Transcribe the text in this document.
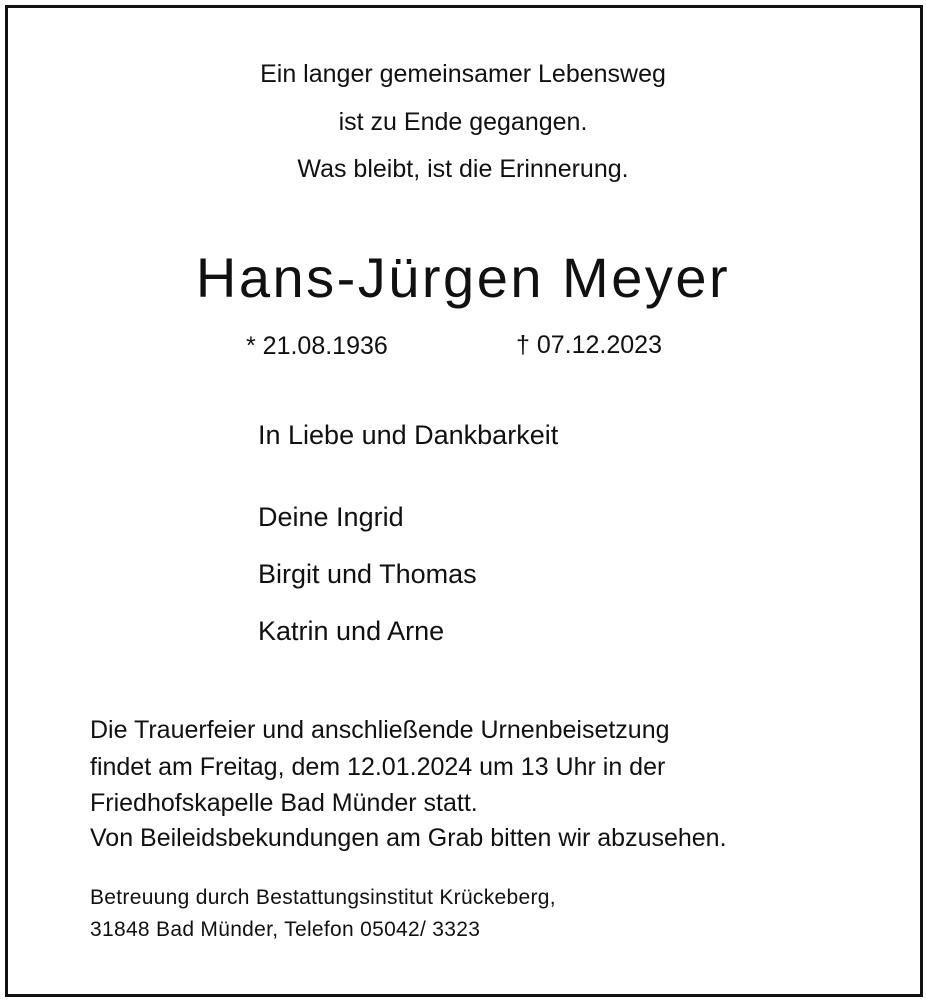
Ein langer gemeinsamer Lebensweg
ist zu Ende gegangen.
Was bleibt, ist die Erinnerung.
Hans-Jürgen Meyer
* 21.08.1936	† 07.12.2023
In Liebe und Dankbarkeit
Deine Ingrid
Birgit und Thomas
Katrin und Arne
Die Trauerfeier und anschließende Urnenbeisetzung
findet am Freitag, dem 12.01.2024 um 13 Uhr in der
Friedhofskapelle Bad Münder statt.
Von Beileidsbekundungen am Grab bitten wir abzusehen.
Betreuung durch Bestattungsinstitut Krückeberg,
31848 Bad Münder, Telefon 05042/ 3323
